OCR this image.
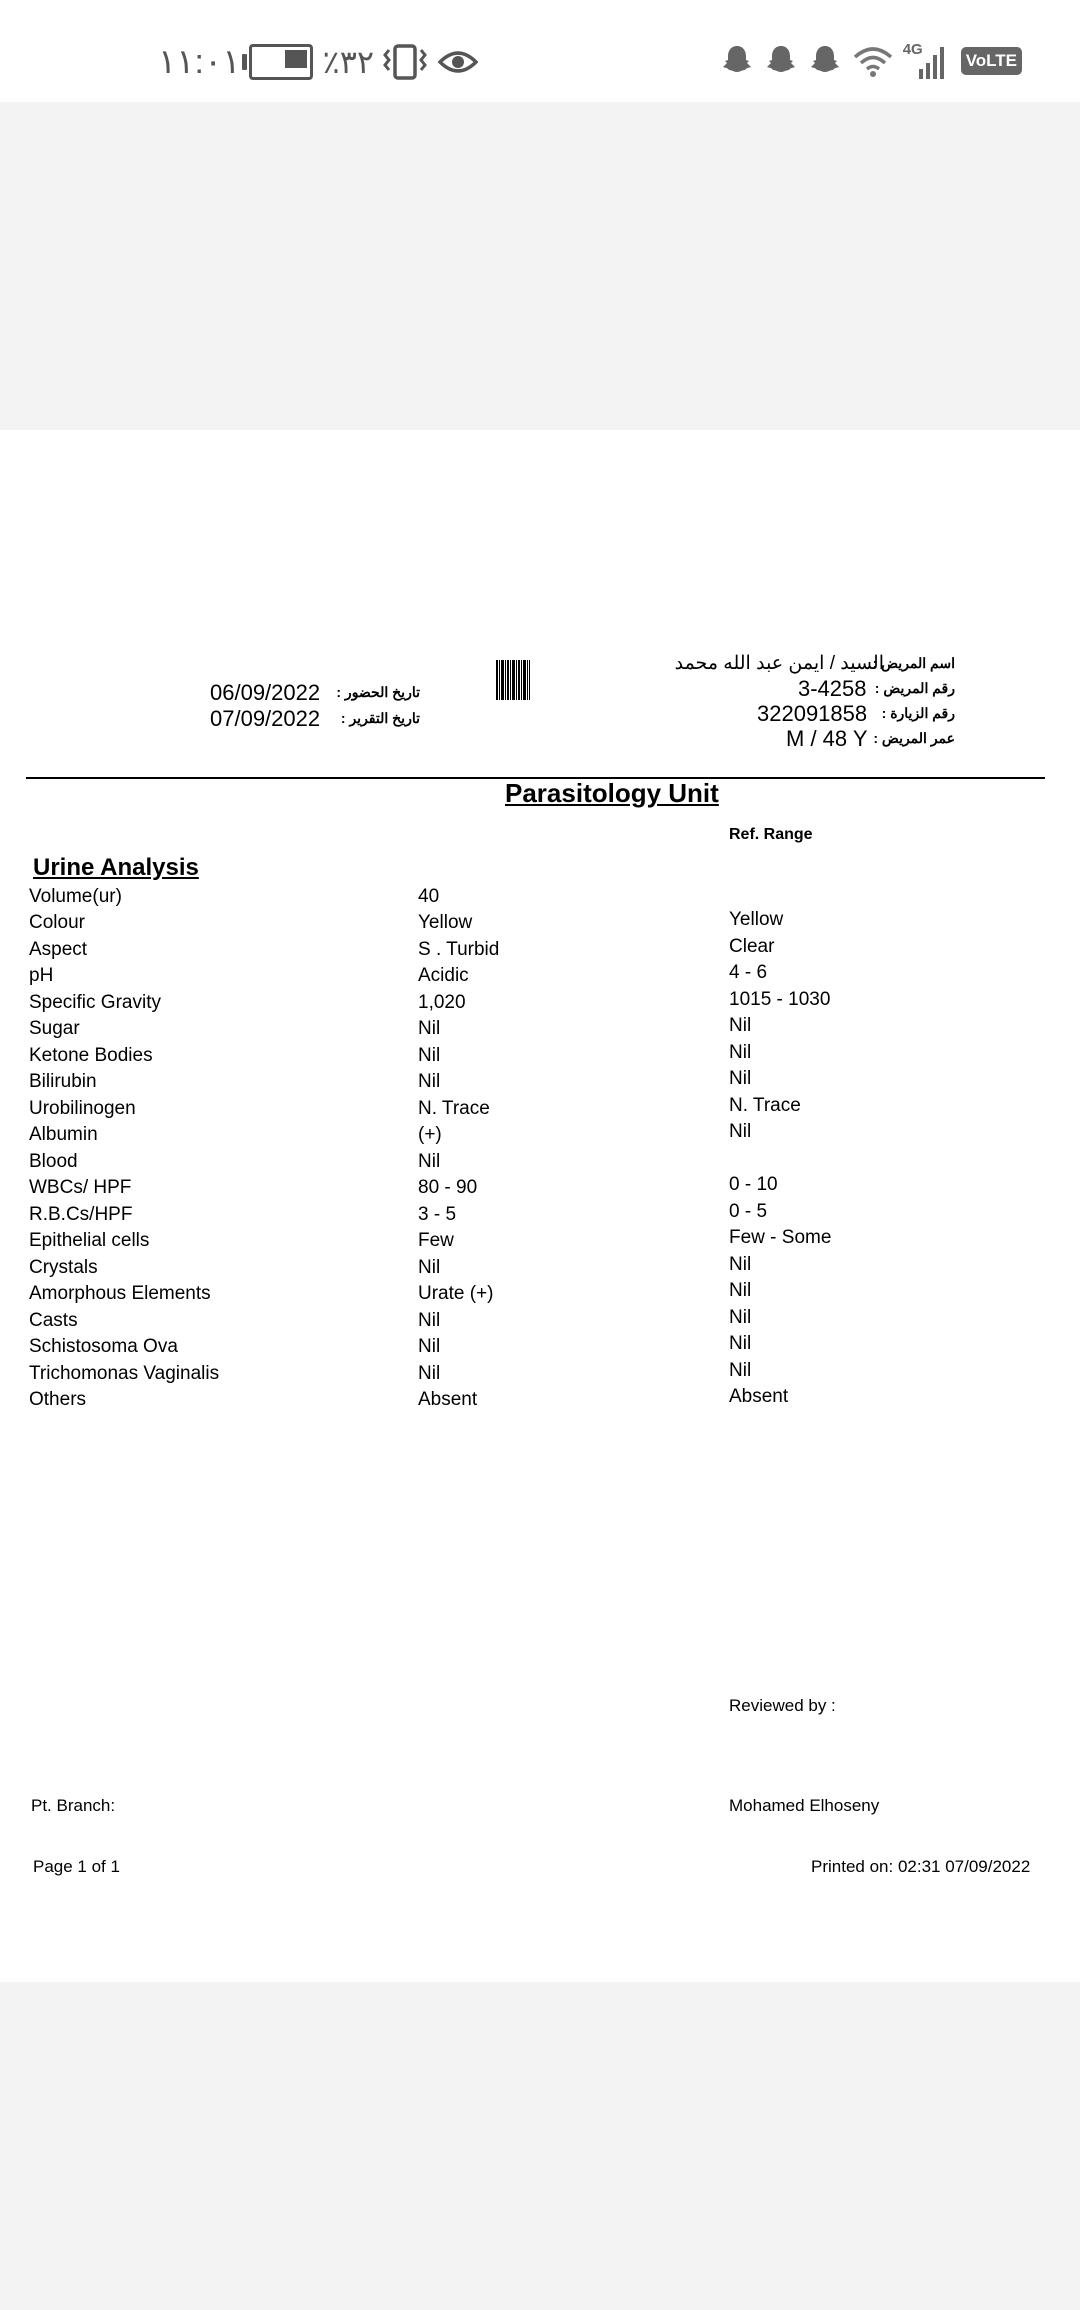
١١:٠١	٪٣٢	4G
VoLTE
السيد / ايمن عبد الله محمد
اسم المريض :
3-4258 رقم المريض :
322091858 رقم الزيارة :
M / 48 Y عمر المريض :
06/09/2022 تاريخ الحضور :
07/09/2022 تاريخ التقرير :
Parasitology Unit
Ref. Range
Urine Analysis
Volume(ur)	40
Colour	Yellow	Yellow
Aspect	S . Turbid	Clear
pH	Acidic	4 - 6
Specific Gravity	1,020	1015 - 1030
Sugar	Nil	Nil
Ketone Bodies	Nil	Nil
Bilirubin	Nil	Nil
Urobilinogen	N. Trace	N. Trace
Albumin	(+)	Nil
Blood	Nil
WBCs/ HPF	80 - 90	0 - 10
R.B.Cs/HPF	3 - 5	0 - 5
Epithelial cells	Few	Few - Some
Crystals	Nil	Nil
Amorphous Elements	Urate (+)	Nil
Casts	Nil	Nil
Schistosoma Ova	Nil	Nil
Trichomonas Vaginalis	Nil	Nil
Others	Absent	Absent
Reviewed by :
Pt. Branch:	Mohamed Elhoseny
Page 1 of 1	Printed on: 02:31 07/09/2022
